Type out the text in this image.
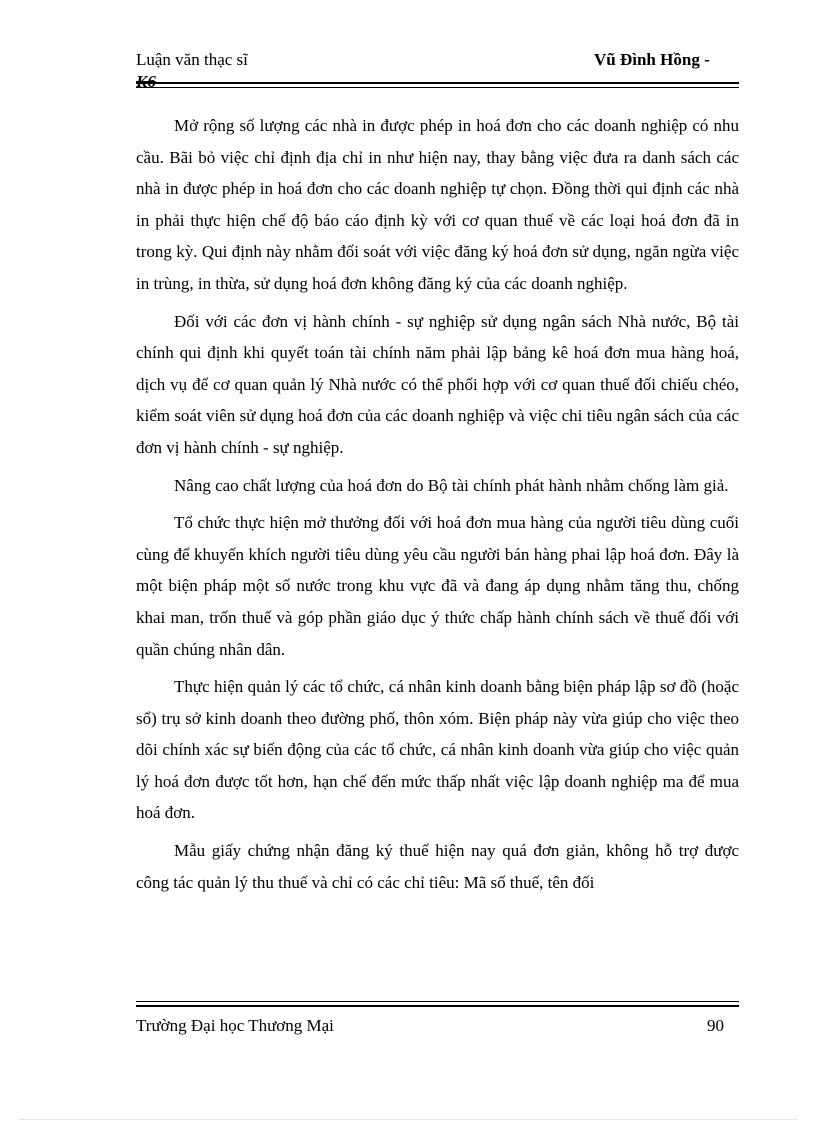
Luận văn thạc sĩ	Vũ Đình Hồng -
K6

Mở rộng số lượng các nhà in được phép in hoá đơn cho các doanh nghiệp có nhu cầu. Bãi bỏ việc chỉ định địa chỉ in như hiện nay, thay bằng việc đưa ra danh sách các nhà in được phép in hoá đơn cho các doanh nghiệp tự chọn. Đồng thời qui định các nhà in phải thực hiện chế độ báo cáo định kỳ với cơ quan thuế về các loại hoá đơn đã in trong kỳ. Qui định này nhằm đối soát với việc đăng ký hoá đơn sử dụng, ngăn ngừa việc in trùng, in thừa, sử dụng hoá đơn không đăng ký của các doanh nghiệp.

Đối với các đơn vị hành chính - sự nghiệp sử dụng ngân sách Nhà nước, Bộ tài chính qui định khi quyết toán tài chính năm phải lập bảng kê hoá đơn mua hàng hoá, dịch vụ để cơ quan quản lý Nhà nước có thể phối hợp với cơ quan thuế đối chiếu chéo, kiểm soát viên sử dụng hoá đơn của các doanh nghiệp và việc chi tiêu ngân sách của các đơn vị hành chính - sự nghiệp.

Nâng cao chất lượng của hoá đơn do Bộ tài chính phát hành nhằm chống làm giả.

Tổ chức thực hiện mở thưởng đối với hoá đơn mua hàng của người tiêu dùng cuối cùng để khuyến khích người tiêu dùng yêu cầu người bán hàng phai lập hoá đơn. Đây là một biện pháp một số nước trong khu vực đã và đang áp dụng nhằm tăng thu, chống khai man, trốn thuế và góp phần giáo dục ý thức chấp hành chính sách về thuế đối với quần chúng nhân dân.

Thực hiện quản lý các tổ chức, cá nhân kinh doanh bằng biện pháp lập sơ đồ (hoặc sổ) trụ sở kinh doanh theo đường phố, thôn xóm. Biện pháp này vừa giúp cho việc theo dõi chính xác sự biến động của các tổ chức, cá nhân kinh doanh vừa giúp cho việc quản lý hoá đơn được tốt hơn, hạn chế đến mức thấp nhất việc lập doanh nghiệp ma để mua hoá đơn.

Mẫu giấy chứng nhận đăng ký thuế hiện nay quá đơn giản, không hỗ trợ được công tác quản lý thu thuế và chỉ có các chỉ tiêu: Mã số thuế, tên đối

Trường Đại học Thương Mại	90
